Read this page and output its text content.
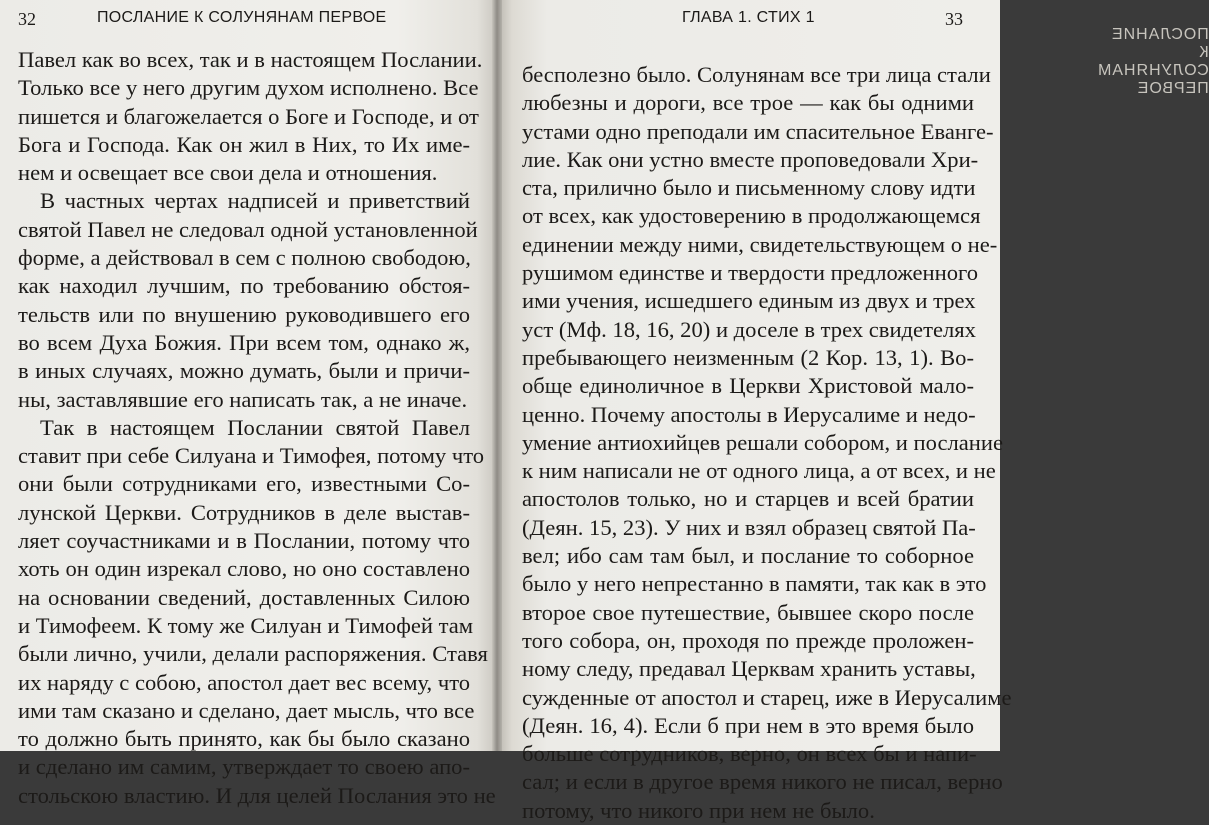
32	ПОСЛАНИЕ К СОЛУНЯНАМ ПЕРВОЕ
Павел как во всех, так и в настоящем Послании.
Только все у него другим духом исполнено. Все
пишется и благожелается о Боге и Господе, и от
Бога и Господа. Как он жил в Них, то Их име-
нем и освещает все свои дела и отношения.
В частных чертах надписей и приветствий
святой Павел не следовал одной установленной
форме, а действовал в сем с полною свободою,
как находил лучшим, по требованию обстоя-
тельств или по внушению руководившего его
во всем Духа Божия. При всем том, однако ж,
в иных случаях, можно думать, были и причи-
ны, заставлявшие его написать так, а не иначе.
Так в настоящем Послании святой Павел
ставит при себе Силуана и Тимофея, потому что
они были сотрудниками его, известными Со-
лунской Церкви. Сотрудников в деле выстав-
ляет соучастниками и в Послании, потому что
хоть он один изрекал слово, но оно составлено
на основании сведений, доставленных Силою
и Тимофеем. К тому же Силуан и Тимофей там
были лично, учили, делали распоряжения. Ставя
их наряду с собою, апостол дает вес всему, что
ими там сказано и сделано, дает мысль, что все
то должно быть принято, как бы было сказано
и сделано им самим, утверждает то своею апо-
стольскою властию. И для целей Послания это не
ПОСЛАНИЕ К СОЛУНЯНАМ ПЕРВОЕ
ГЛАВА 1. СТИХ 1	33
бесполезно было. Солунянам все три лица стали
любезны и дороги, все трое — как бы одними
устами одно преподали им спасительное Еванге-
лие. Как они устно вместе проповедовали Хри-
ста, прилично было и письменному слову идти
от всех, как удостоверению в продолжающемся
единении между ними, свидетельствующем о не-
рушимом единстве и твердости предложенного
ими учения, исшедшего единым из двух и трех
уст (Мф. 18, 16, 20) и доселе в трех свидетелях
пребывающего неизменным (2 Кор. 13, 1). Во-
обще единоличное в Церкви Христовой мало-
ценно. Почему апостолы в Иерусалиме и недо-
умение антиохийцев решали собором, и послание
к ним написали не от одного лица, а от всех, и не
апостолов только, но и старцев и всей братии
(Деян. 15, 23). У них и взял образец святой Па-
вел; ибо сам там был, и послание то соборное
было у него непрестанно в памяти, так как в это
второе свое путешествие, бывшее скоро после
того собора, он, проходя по прежде проложен-
ному следу, предавал Церквам хранить уставы,
сужденные от апостол и старец, иже в Иерусалиме
(Деян. 16, 4). Если б при нем в это время было
больше сотрудников, верно, он всех бы и напи-
сал; и если в другое время никого не писал, верно
потому, что никого при нем не было.
